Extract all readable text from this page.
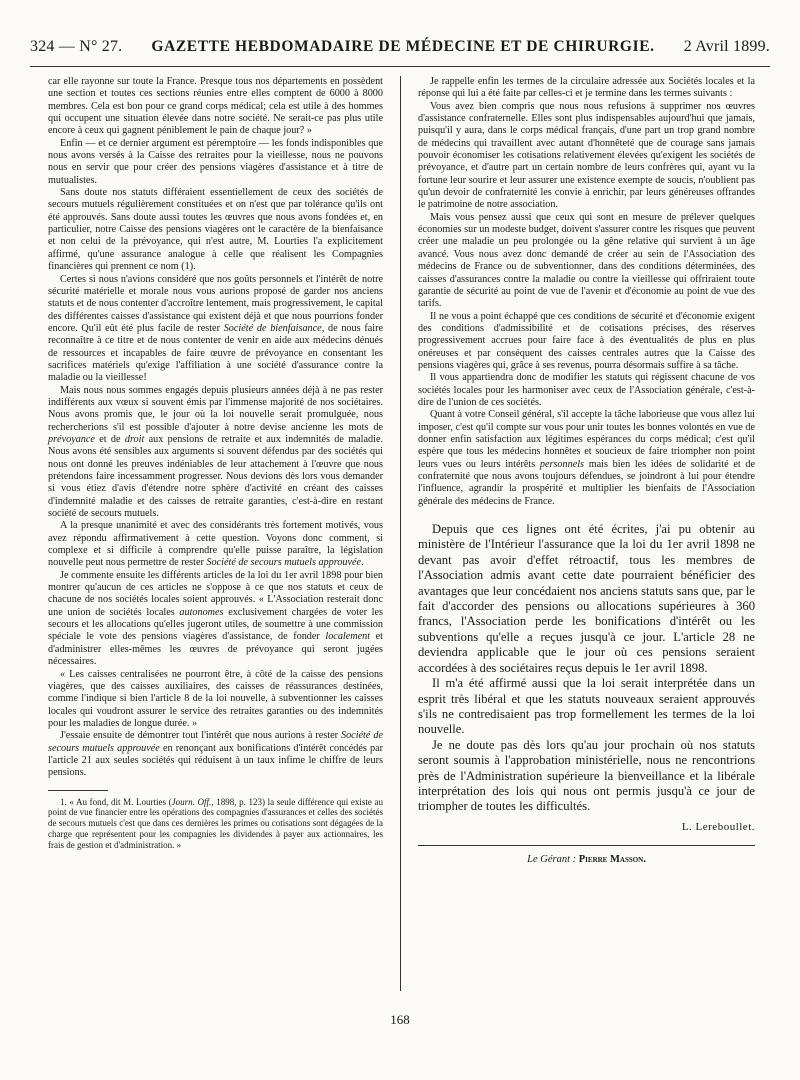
324 — N° 27. GAZETTE HEBDOMADAIRE DE MÉDECINE ET DE CHIRURGIE. 2 Avril 1899.

car elle rayonne sur toute la France. Presque tous nos départements en possèdent une section et toutes ces sections réunies entre elles comptent de 6000 à 8000 membres. Cela est bon pour ce grand corps médical; cela est utile à des hommes qui occupent une situation élevée dans notre société. Ne serait-ce pas plus utile encore à ceux qui gagnent péniblement le pain de chaque jour? »

Enfin — et ce dernier argument est péremptoire — les fonds indisponibles que nous avons versés à la Caisse des retraites pour la vieillesse, nous ne pouvons nous en servir que pour créer des pensions viagères d'assistance et à titre de mutualistes.

Sans doute nos statuts différaient essentiellement de ceux des sociétés de secours mutuels régulièrement constituées et on n'est que par tolérance qu'ils ont été approuvés. Sans doute aussi toutes les œuvres que nous avons fondées et, en particulier, notre Caisse des pensions viagères ont le caractère de la bienfaisance et non celui de la prévoyance, qui n'est autre, M. Lourties l'a explicitement affirmé, qu'une assurance analogue à celle que réalisent les Compagnies financières qui prennent ce nom (1).

Certes si nous n'avions considéré que nos goûts personnels et l'intérêt de notre sécurité matérielle et morale nous vous aurions proposé de garder nos anciens statuts et de nous contenter d'accroître lentement, mais progressivement, le capital des différentes caisses d'assistance qui existent déjà et que nous pourrions fonder encore. Qu'il eût été plus facile de rester Société de bienfaisance, de nous faire reconnaître à ce titre et de nous contenter de venir en aide aux médecins dénués de ressources et incapables de faire œuvre de prévoyance en consentant les sacrifices matériels qu'exige l'affiliation à une société d'assurance contre la maladie ou la vieillesse!

Mais nous nous sommes engagés depuis plusieurs années déjà à ne pas rester indifférents aux vœux si souvent émis par l'immense majorité de nos sociétaires. Nous avons promis que, le jour où la loi nouvelle serait promulguée, nous rechercherions s'il est possible d'ajouter à notre devise ancienne les mots de prévoyance et de droit aux pensions de retraite et aux indemnités de maladie. Nous avons été sensibles aux arguments si souvent défendus par des sociétés qui nous ont donné les preuves indéniables de leur attachement à l'œuvre que nous prétendons faire incessamment progresser. Nous devions dès lors vous demander si vous étiez d'avis d'étendre notre sphère d'activité en créant des caisses d'indemnité maladie et des caisses de retraite garanties, c'est-à-dire en restant société de secours mutuels.

A la presque unanimité et avec des considérants très fortement motivés, vous avez répondu affirmativement à cette question. Voyons donc comment, si complexe et si difficile à comprendre qu'elle puisse paraître, la législation nouvelle peut nous permettre de rester Société de secours mutuels approuvée.

Je commente ensuite les différents articles de la loi du 1er avril 1898 pour bien montrer qu'aucun de ces articles ne s'oppose à ce que nos statuts et ceux de chacune de nos sociétés locales soient approuvés. « L'Association resterait donc une union de sociétés locales autonomes exclusivement chargées de voter les secours et les allocations qu'elles jugeront utiles, de soumettre à une commission spéciale le vote des pensions viagères d'assistance, de fonder localement et d'administrer elles-mêmes les œuvres de prévoyance qui seront jugées nécessaires.

« Les caisses centralisées ne pourront être, à côté de la caisse des pensions viagères, que des caisses auxiliaires, des caisses de réassurances destinées, comme l'indique si bien l'article 8 de la loi nouvelle, à subventionner les caisses locales qui voudront assurer le service des retraites garanties ou des indemnités pour les maladies de longue durée. »

J'essaie ensuite de démontrer tout l'intérêt que nous aurions à rester Société de secours mutuels approuvée en renonçant aux bonifications d'intérêt concédés par l'article 21 aux seules sociétés qui réduisent à un taux infime le chiffre de leurs pensions.

1. « Au fond, dit M. Lourties (Journ. Off., 1898, p. 123) la seule différence qui existe au point de vue financier entre les opérations des compagnies d'assurances et celles des sociétés de secours mutuels c'est que dans ces dernières les primes ou cotisations sont dégagées de la charge que représentent pour les compagnies les dividendes à payer aux actionnaires, les frais de gestion et d'administration. »

Je rappelle enfin les termes de la circulaire adressée aux Sociétés locales et la réponse qui lui a été faite par celles-ci et je termine dans les termes suivants :

Vous avez bien compris que nous nous refusions à supprimer nos œuvres d'assistance confraternelle. Elles sont plus indispensables aujourd'hui que jamais, puisqu'il y aura, dans le corps médical français, d'une part un trop grand nombre de médecins qui travaillent avec autant d'honnêteté que de courage sans jamais pouvoir économiser les cotisations relativement élevées qu'exigent les sociétés de prévoyance, et d'autre part un certain nombre de leurs confrères qui, ayant vu la fortune leur sourire et leur assurer une existence exempte de soucis, n'oublient pas qu'un devoir de confraternité les convie à enrichir, par leurs généreuses offrandes le patrimoine de notre association.

Mais vous pensez aussi que ceux qui sont en mesure de prélever quelques économies sur un modeste budget, doivent s'assurer contre les risques que peuvent créer une maladie un peu prolongée ou la gêne relative qui survient à un âge avancé. Vous nous avez donc demandé de créer au sein de l'Association des médecins de France ou de subventionner, dans des conditions déterminées, des caisses d'assurances contre la maladie ou contre la vieillesse qui offriraient toute garantie de sécurité au point de vue de l'avenir et d'économie au point de vue des tarifs.

Il ne vous a point échappé que ces conditions de sécurité et d'économie exigent des conditions d'admissibilité et de cotisations précises, des réserves progressivement accrues pour faire face à des éventualités de plus en plus onéreuses et par conséquent des caisses centrales autres que la Caisse des pensions viagères qui, grâce à ses revenus, pourra désormais suffire à sa tâche.

Il vous appartiendra donc de modifier les statuts qui régissent chacune de vos sociétés locales pour les harmoniser avec ceux de l'Association générale, c'est-à-dire de l'union de ces sociétés.

Quant à votre Conseil général, s'il accepte la tâche laborieuse que vous allez lui imposer, c'est qu'il compte sur vous pour unir toutes les bonnes volontés en vue de donner enfin satisfaction aux légitimes espérances du corps médical; c'est qu'il espère que tous les médecins honnêtes et soucieux de faire triompher non point leurs vues ou leurs intérêts personnels mais bien les idées de solidarité et de confraternité que nous avons toujours défendues, se joindront à lui pour étendre l'influence, agrandir la prospérité et multiplier les bienfaits de l'Association générale des médecins de France.

Depuis que ces lignes ont été écrites, j'ai pu obtenir au ministère de l'Intérieur l'assurance que la loi du 1er avril 1898 ne devant pas avoir d'effet rétroactif, tous les membres de l'Association admis avant cette date pourraient bénéficier des avantages que leur concédaient nos anciens statuts sans que, par le fait d'accorder des pensions ou allocations supérieures à 360 francs, l'Association perde les bonifications d'intérêt ou les subventions qu'elle a reçues jusqu'à ce jour. L'article 28 ne deviendra applicable que le jour où ces pensions seraient accordées à des sociétaires reçus depuis le 1er avril 1898.

Il m'a été affirmé aussi que la loi serait interprétée dans un esprit très libéral et que les statuts nouveaux seraient approuvés s'ils ne contredisaient pas trop formellement les termes de la loi nouvelle.

Je ne doute pas dès lors qu'au jour prochain où nos statuts seront soumis à l'approbation ministérielle, nous ne rencontrions près de l'Administration supérieure la bienveillance et la libérale interprétation des lois qui nous ont permis jusqu'à ce jour de triompher de toutes les difficultés.

L. Lereboullet.
Le Gérant : Pierre Masson.
168
